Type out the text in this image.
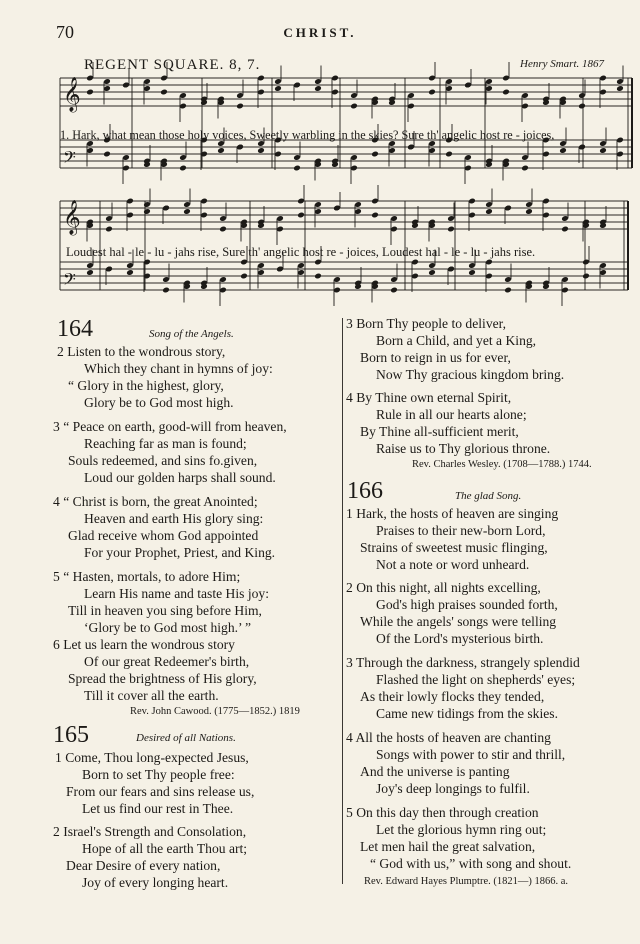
70	CHRIST.
REGENT SQUARE. 8, 7.	Henry Smart. 1867
𝄞
𝄢
𝄞
𝄢
1. Hark, what mean those holy voices, Sweetly warbling in the skies? Sure th' angelic host re - joices,
Loudest hal - le - lu - jahs rise, Sure th' angelic host re - joices, Loudest hal - le - lu - jahs rise.
164	Song of the Angels.
2 Listen to the wondrous story,
Which they chant in hymns of joy:
“ Glory in the highest, glory,
Glory be to God most high.
3 “ Peace on earth, good-will from heaven,
Reaching far as man is found;
Souls redeemed, and sins fo.given,
Loud our golden harps shall sound.
4 “ Christ is born, the great Anointed;
Heaven and earth His glory sing:
Glad receive whom God appointed
For your Prophet, Priest, and King.
5 “ Hasten, mortals, to adore Him;
Learn His name and taste His joy:
Till in heaven you sing before Him,
‘Glory be to God most high.’ ”
6 Let us learn the wondrous story
Of our great Redeemer's birth,
Spread the brightness of His glory,
Till it cover all the earth.
Rev. John Cawood. (1775—1852.) 1819
165	Desired of all Nations.
1 Come, Thou long-expected Jesus,
Born to set Thy people free:
From our fears and sins release us,
Let us find our rest in Thee.
2 Israel's Strength and Consolation,
Hope of all the earth Thou art;
Dear Desire of every nation,
Joy of every longing heart.
3 Born Thy people to deliver,
Born a Child, and yet a King,
Born to reign in us for ever,
Now Thy gracious kingdom bring.
4 By Thine own eternal Spirit,
Rule in all our hearts alone;
By Thine all-sufficient merit,
Raise us to Thy glorious throne.
Rev. Charles Wesley. (1708—1788.) 1744.
166	The glad Song.
1 Hark, the hosts of heaven are singing
Praises to their new-born Lord,
Strains of sweetest music flinging,
Not a note or word unheard.
2 On this night, all nights excelling,
God's high praises sounded forth,
While the angels' songs were telling
Of the Lord's mysterious birth.
3 Through the darkness, strangely splendid
Flashed the light on shepherds' eyes;
As their lowly flocks they tended,
Came new tidings from the skies.
4 All the hosts of heaven are chanting
Songs with power to stir and thrill,
And the universe is panting
Joy's deep longings to fulfil.
5 On this day then through creation
Let the glorious hymn ring out;
Let men hail the great salvation,
“ God with us,” with song and shout.
Rev. Edward Hayes Plumptre. (1821—) 1866. a.
